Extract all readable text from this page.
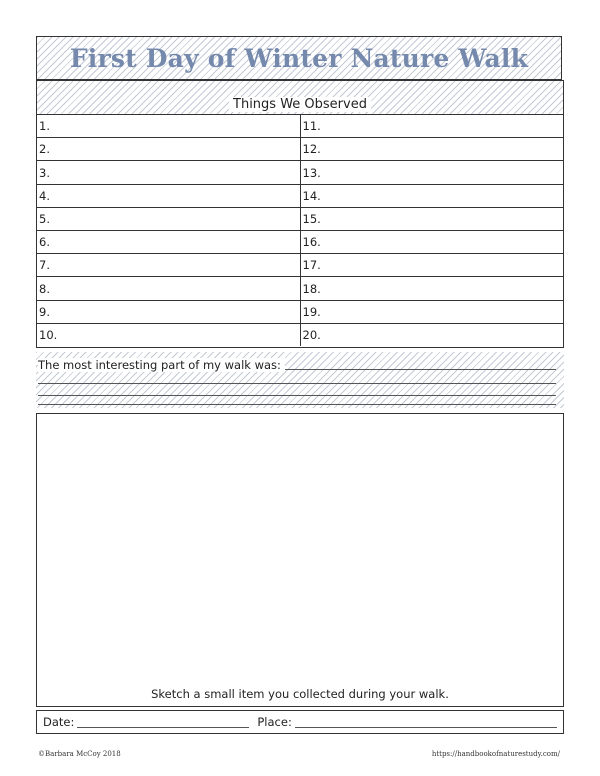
First Day of Winter Nature Walk
Things We Observed
1.
2.
3.
4.
5.
6.
7.
8.
9.
10.
11.
12.
13.
14.
15.
16.
17.
18.
19.
20.
The most interesting part of my walk was:
Sketch a small item you collected during your walk.
Date:	Place:
©Barbara McCoy 2018	https://handbookofnaturestudy.com/
